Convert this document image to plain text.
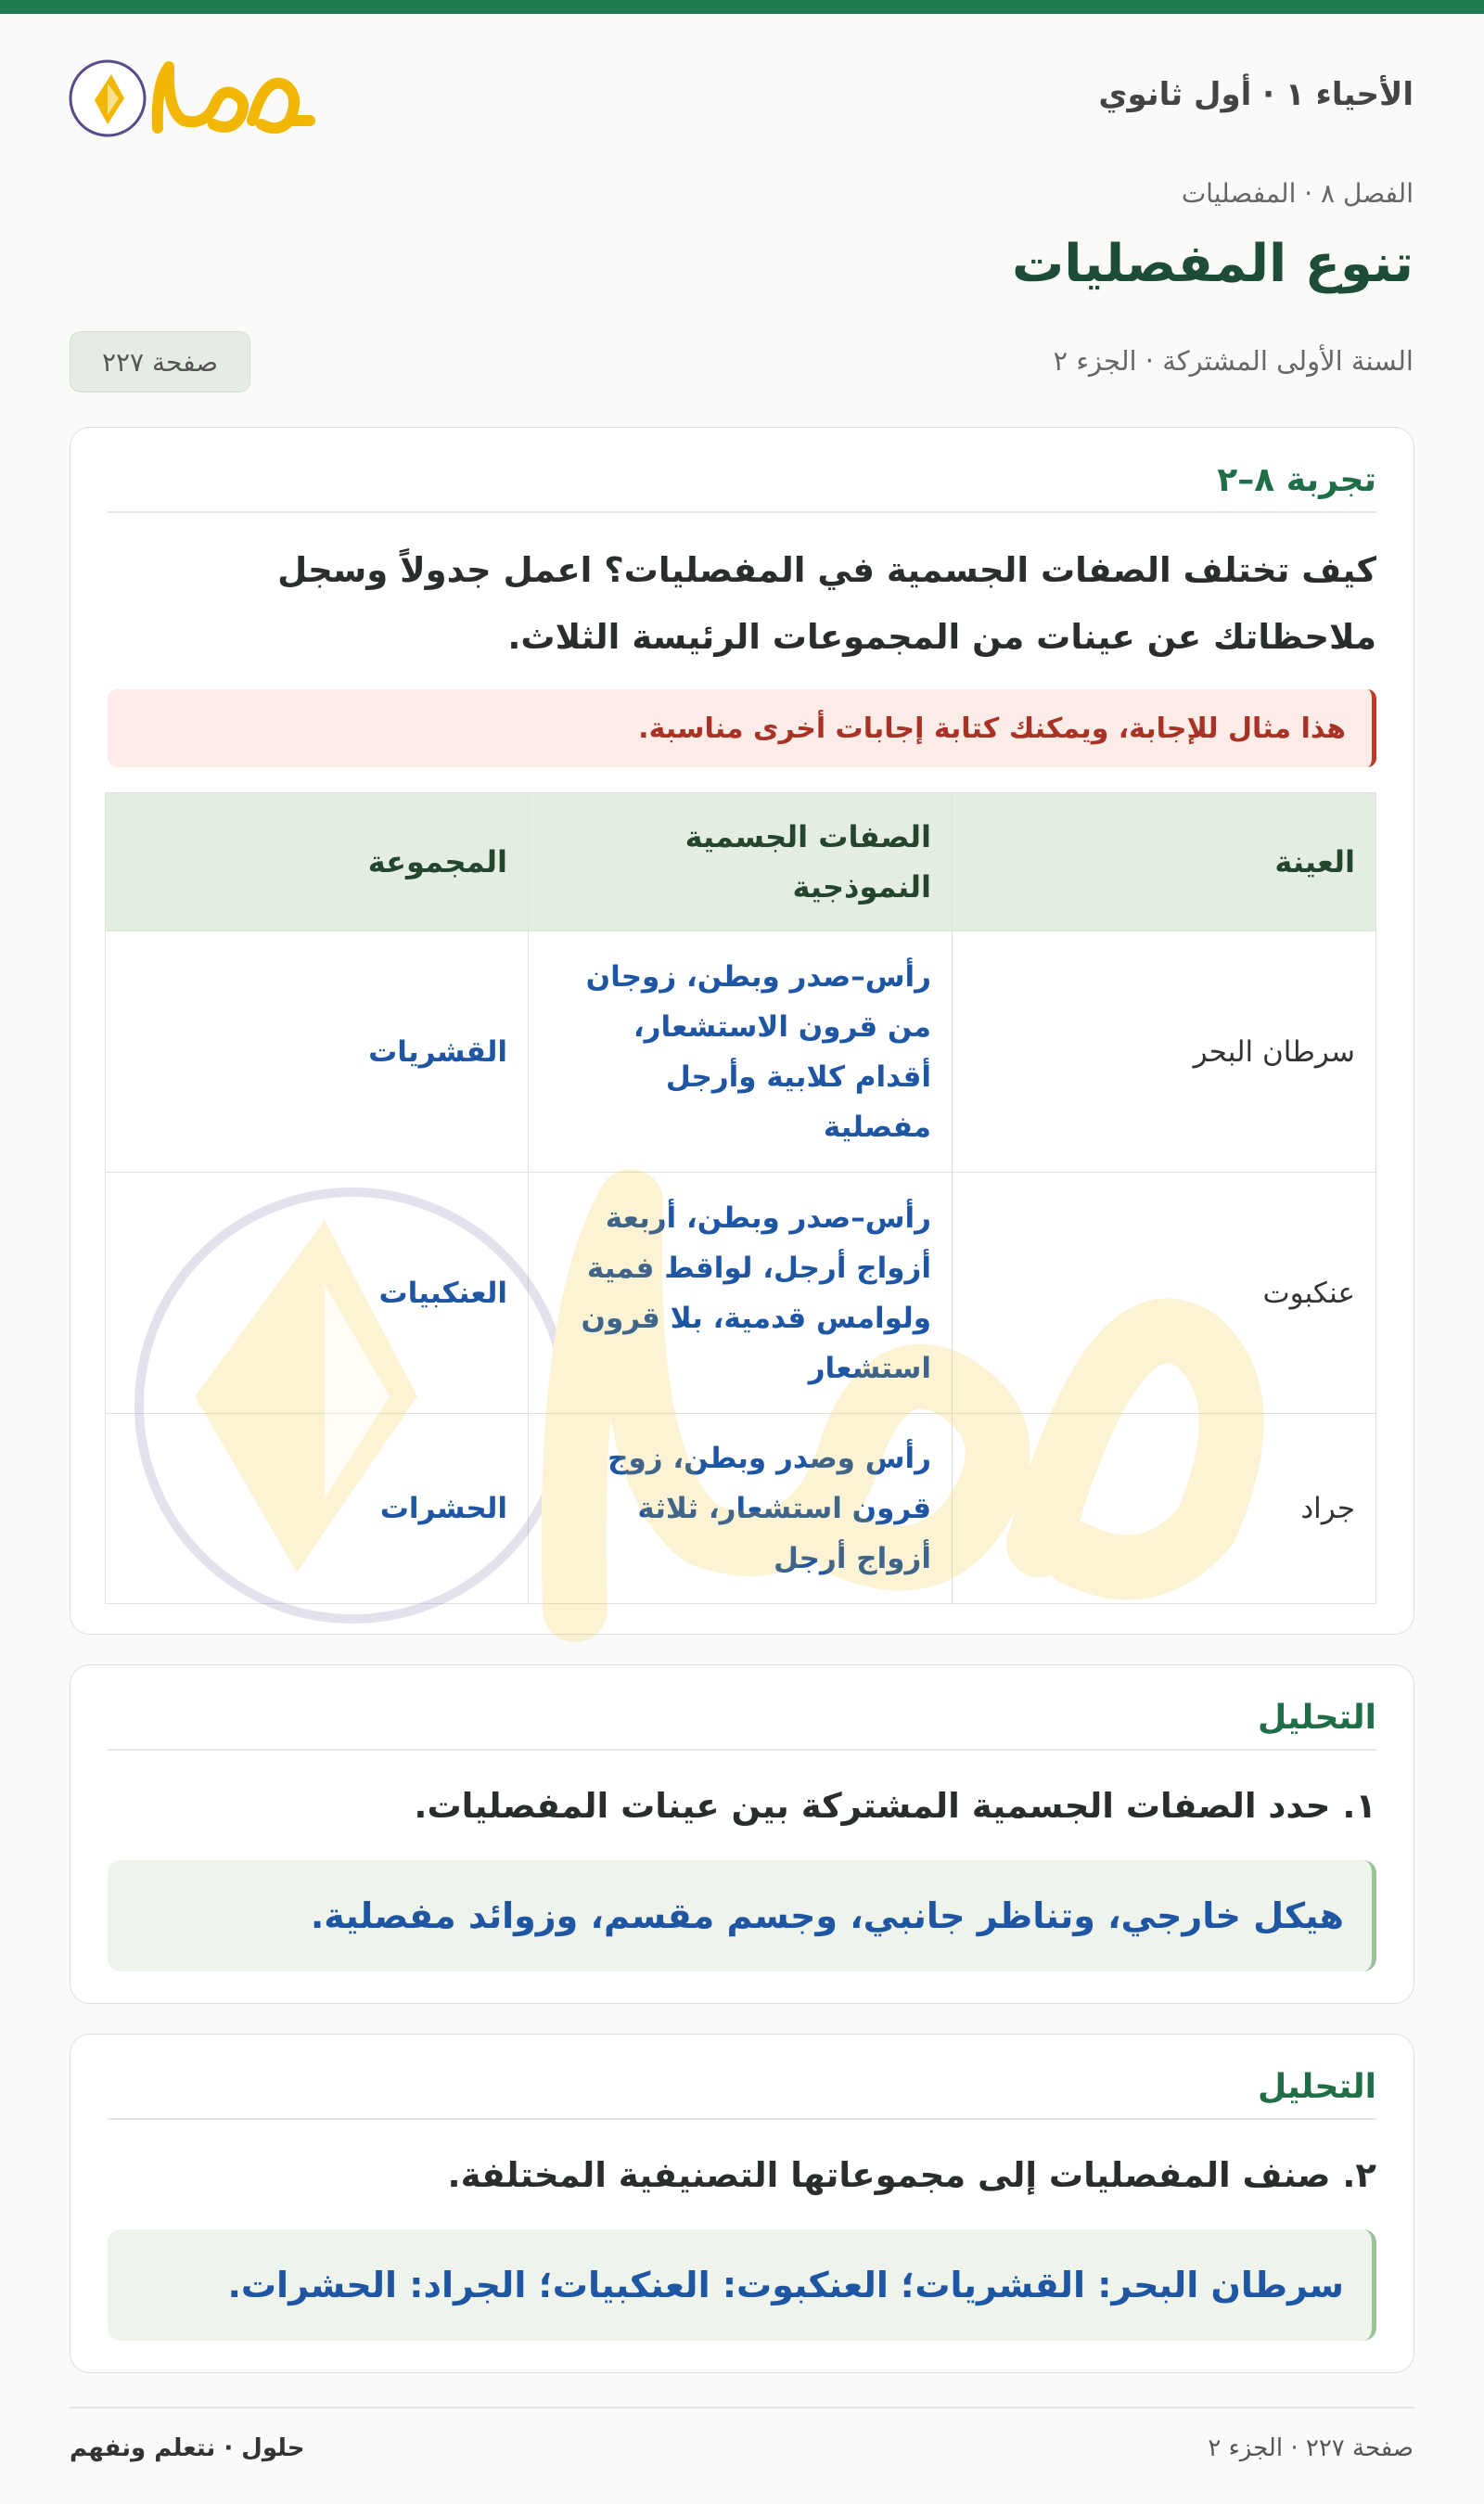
الأحياء ١ · أول ثانوي
الفصل ٨ · المفصليات
تنوع المفصليات
السنة الأولى المشتركة · الجزء ٢
صفحة ٢٢٧
تجربة ٨–٢
كيف تختلف الصفات الجسمية في المفصليات؟ اعمل جدولاً وسجل
ملاحظاتك عن عينات من المجموعات الرئيسة الثلاث.
هذا مثال للإجابة، ويمكنك كتابة إجابات أخرى مناسبة.
العينة	الصفات الجسمية
النموذجية	المجموعة
سرطان البحر	رأس–صدر وبطن، زوجان
من قرون الاستشعار،
أقدام كلابية وأرجل
مفصلية	القشريات
عنكبوت	رأس–صدر وبطن، أربعة
أزواج أرجل، لواقط فمية
ولوامس قدمية، بلا قرون
استشعار	العنكبيات
جراد	رأس وصدر وبطن، زوج
قرون استشعار، ثلاثة
أزواج أرجل	الحشرات
التحليل
١. حدد الصفات الجسمية المشتركة بين عينات المفصليات.
هيكل خارجي، وتناظر جانبي، وجسم مقسم، وزوائد مفصلية.
التحليل
٢. صنف المفصليات إلى مجموعاتها التصنيفية المختلفة.
سرطان البحر: القشريات؛ العنكبوت: العنكبيات؛ الجراد: الحشرات.
صفحة ٢٢٧ · الجزء ٢
حلول · نتعلم ونفهم
